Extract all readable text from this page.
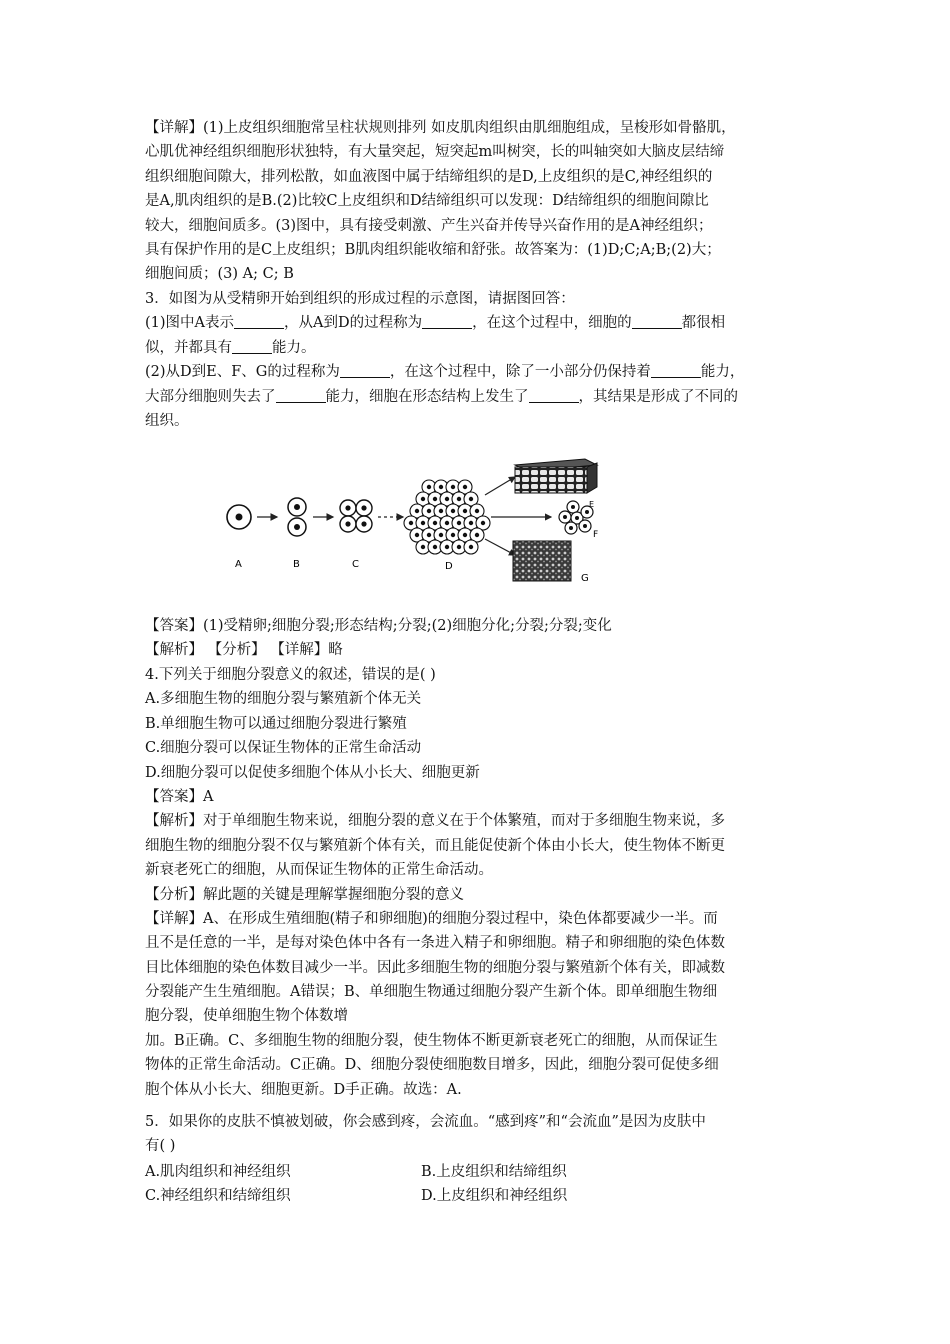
【详解】(1)上皮组织细胞常呈柱状规则排列 如皮肌肉组织由肌细胞组成，呈梭形如骨骼肌，
心肌优神经组织细胞形状独特，有大量突起，短突起m叫树突，长的叫轴突如大脑皮层结缔
组织细胞间隙大，排列松散，如血液图中属于结缔组织的是D,上皮组织的是C,神经组织的
是A,肌肉组织的是B.(2)比较C上皮组织和D结缔组织可以发现：D结缔组织的细胞间隙比
较大，细胞间质多。(3)图中，具有接受刺激、产生兴奋并传导兴奋作用的是A神经组织；
具有保护作用的是C上皮组织；B肌肉组织能收缩和舒张。故答案为：(1)D;C;A;B;(2)大；
细胞间质；(3) A; C; B
3．如图为从受精卵开始到组织的形成过程的示意图，请据图回答：
(1)图中A表示	，从A到D的过程称为	，在这个过程中，细胞的	都很相
似，并都具有	能力。
(2)从D到E、F、G的过程称为	，在这个过程中，除了一小部分仍保持着	能力，
大部分细胞则失去了	能力，细胞在形态结构上发生了	，其结果是形成了不同的
组织。
A	B	C	D
E
F
G
【答案】(1)受精卵;细胞分裂;形态结构;分裂;(2)细胞分化;分裂;分裂;变化
【解析】 【分析】 【详解】略
4.下列关于细胞分裂意义的叙述，错误的是( )
A.多细胞生物的细胞分裂与繁殖新个体无关
B.单细胞生物可以通过细胞分裂进行繁殖
C.细胞分裂可以保证生物体的正常生命活动
D.细胞分裂可以促使多细胞个体从小长大、细胞更新
【答案】A
【解析】对于单细胞生物来说，细胞分裂的意义在于个体繁殖，而对于多细胞生物来说，多
细胞生物的细胞分裂不仅与繁殖新个体有关，而且能促使新个体由小长大，使生物体不断更
新衰老死亡的细胞，从而保证生物体的正常生命活动。
【分析】解此题的关键是理解掌握细胞分裂的意义
【详解】A、在形成生殖细胞(精子和卵细胞)的细胞分裂过程中，染色体都要减少一半。而
且不是任意的一半，是每对染色体中各有一条进入精子和卵细胞。精子和卵细胞的染色体数
目比体细胞的染色体数目减少一半。因此多细胞生物的细胞分裂与繁殖新个体有关，即减数
分裂能产生生殖细胞。A错误；B、单细胞生物通过细胞分裂产生新个体。即单细胞生物细
胞分裂，使单细胞生物个体数增
加。B正确。C、多细胞生物的细胞分裂，使生物体不断更新衰老死亡的细胞，从而保证生
物体的正常生命活动。C正确。D、细胞分裂使细胞数目增多，因此，细胞分裂可促使多细
胞个体从小长大、细胞更新。D手正确。故选：A.
5．如果你的皮肤不慎被划破，你会感到疼，会流血。“感到疼”和“会流血”是因为皮肤中
有( )
A.肌肉组织和神经组织	B.上皮组织和结缔组织
C.神经组织和结缔组织	D.上皮组织和神经组织
